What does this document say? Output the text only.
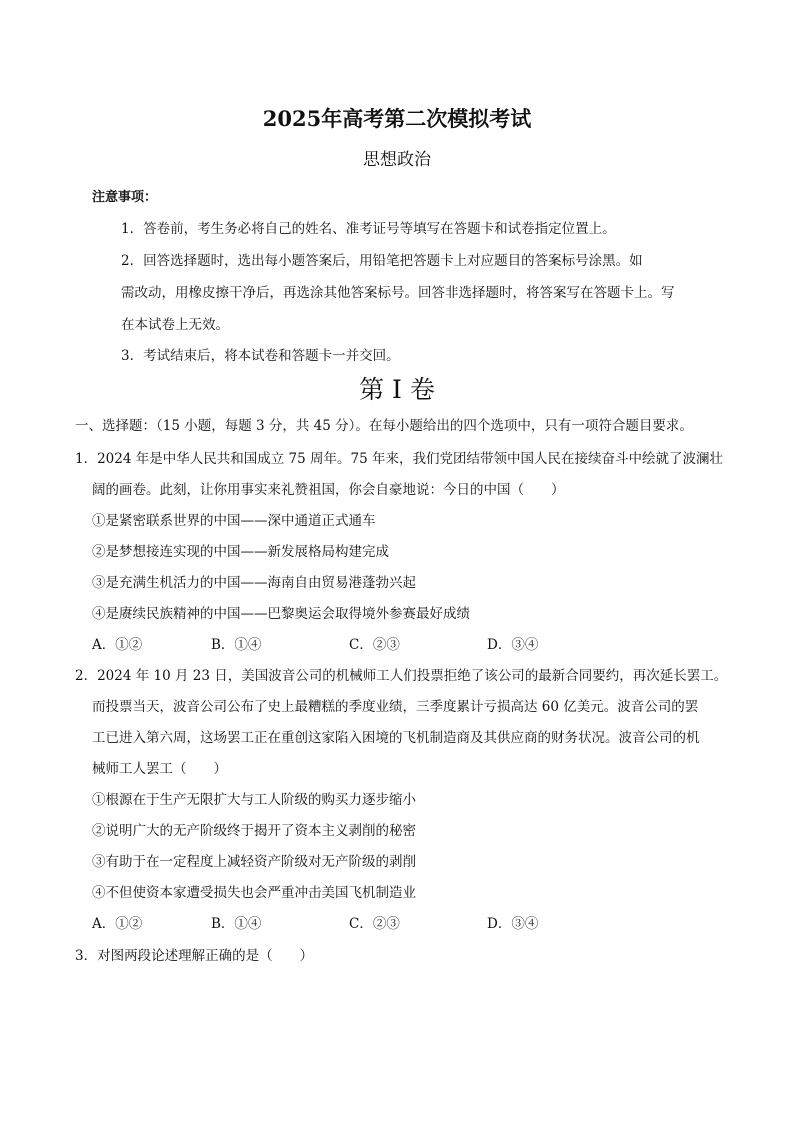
2025年高考第二次模拟考试
思想政治
注意事项：
1．答卷前，考生务必将自己的姓名、准考证号等填写在答题卡和试卷指定位置上。
2．回答选择题时，选出每小题答案后，用铅笔把答题卡上对应题目的答案标号涂黑。如
需改动，用橡皮擦干净后，再选涂其他答案标号。回答非选择题时，将答案写在答题卡上。写
在本试卷上无效。
3．考试结束后，将本试卷和答题卡一并交回。
第 I 卷
一、选择题：（15 小题，每题 3 分，共 45 分）。在每小题给出的四个选项中，只有一项符合题目要求。
1．2024 年是中华人民共和国成立 75 周年。75 年来，我们党团结带领中国人民在接续奋斗中绘就了波澜壮
阔的画卷。此刻，让你用事实来礼赞祖国，你会自豪地说：今日的中国（　　）
①是紧密联系世界的中国——深中通道正式通车
②是梦想接连实现的中国——新发展格局构建完成
③是充满生机活力的中国——海南自由贸易港蓬勃兴起
④是赓续民族精神的中国——巴黎奥运会取得境外参赛最好成绩
A．①②	B．①④	C．②③	D．③④
2．2024 年 10 月 23 日，美国波音公司的机械师工人们投票拒绝了该公司的最新合同要约，再次延长罢工。
而投票当天，波音公司公布了史上最糟糕的季度业绩，三季度累计亏损高达 60 亿美元。波音公司的罢
工已进入第六周，这场罢工正在重创这家陷入困境的飞机制造商及其供应商的财务状况。波音公司的机
械师工人罢工（　　）
①根源在于生产无限扩大与工人阶级的购买力逐步缩小
②说明广大的无产阶级终于揭开了资本主义剥削的秘密
③有助于在一定程度上减轻资产阶级对无产阶级的剥削
④不但使资本家遭受损失也会严重冲击美国飞机制造业
A．①②	B．①④	C．②③	D．③④
3．对图两段论述理解正确的是（　　）
